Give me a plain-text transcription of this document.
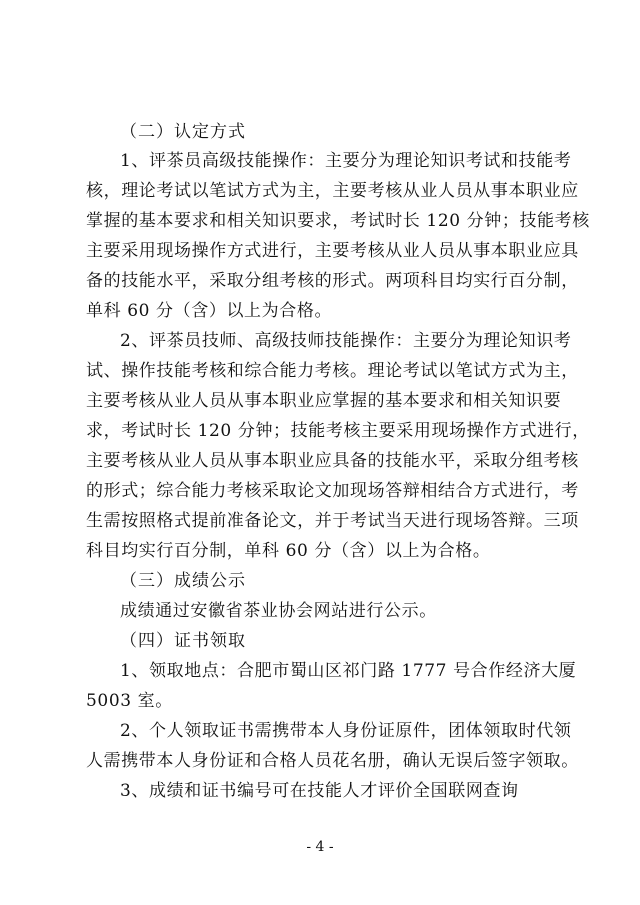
（二）认定方式
1、评茶员高级技能操作：主要分为理论知识考试和技能考
核，理论考试以笔试方式为主，主要考核从业人员从事本职业应
掌握的基本要求和相关知识要求，考试时长 120 分钟；技能考核
主要采用现场操作方式进行，主要考核从业人员从事本职业应具
备的技能水平，采取分组考核的形式。两项科目均实行百分制，
单科 60 分（含）以上为合格。
2、评茶员技师、高级技师技能操作：主要分为理论知识考
试、操作技能考核和综合能力考核。理论考试以笔试方式为主，
主要考核从业人员从事本职业应掌握的基本要求和相关知识要
求，考试时长 120 分钟；技能考核主要采用现场操作方式进行，
主要考核从业人员从事本职业应具备的技能水平，采取分组考核
的形式；综合能力考核采取论文加现场答辩相结合方式进行，考
生需按照格式提前准备论文，并于考试当天进行现场答辩。三项
科目均实行百分制，单科 60 分（含）以上为合格。
（三）成绩公示
成绩通过安徽省茶业协会网站进行公示。
（四）证书领取
1、领取地点：合肥市蜀山区祁门路 1777 号合作经济大厦
5003 室。
2、个人领取证书需携带本人身份证原件，团体领取时代领
人需携带本人身份证和合格人员花名册，确认无误后签字领取。
3、成绩和证书编号可在技能人才评价全国联网查询
- 4 -
